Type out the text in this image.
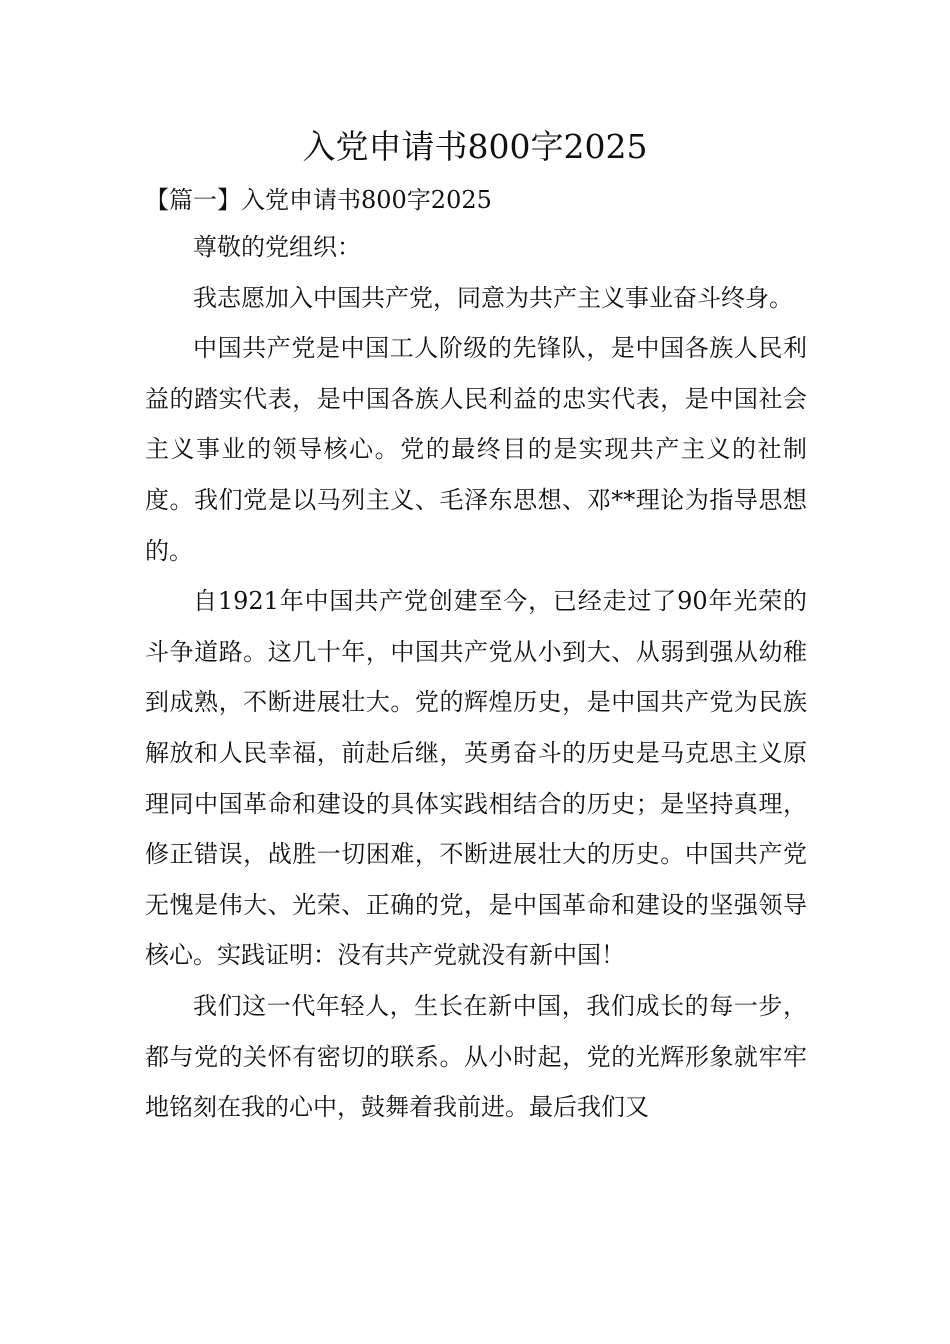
入党申请书800字2025
【篇一】入党申请书800字2025

尊敬的党组织：

我志愿加入中国共产党，同意为共产主义事业奋斗终身。

中国共产党是中国工人阶级的先锋队，是中国各族人民利益的踏实代表，是中国各族人民利益的忠实代表，是中国社会主义事业的领导核心。党的最终目的是实现共产主义的社制度。我们党是以马列主义、毛泽东思想、邓**理论为指导思想的。

自1921年中国共产党创建至今，已经走过了90年光荣的斗争道路。这几十年，中国共产党从小到大、从弱到强从幼稚到成熟，不断进展壮大。党的辉煌历史，是中国共产党为民族解放和人民幸福，前赴后继，英勇奋斗的历史是马克思主义原理同中国革命和建设的具体实践相结合的历史；是坚持真理，修正错误，战胜一切困难，不断进展壮大的历史。中国共产党无愧是伟大、光荣、正确的党，是中国革命和建设的坚强领导核心。实践证明：没有共产党就没有新中国！

我们这一代年轻人，生长在新中国，我们成长的每一步，都与党的关怀有密切的联系。从小时起，党的光辉形象就牢牢地铭刻在我的心中，鼓舞着我前进。最后我们又
